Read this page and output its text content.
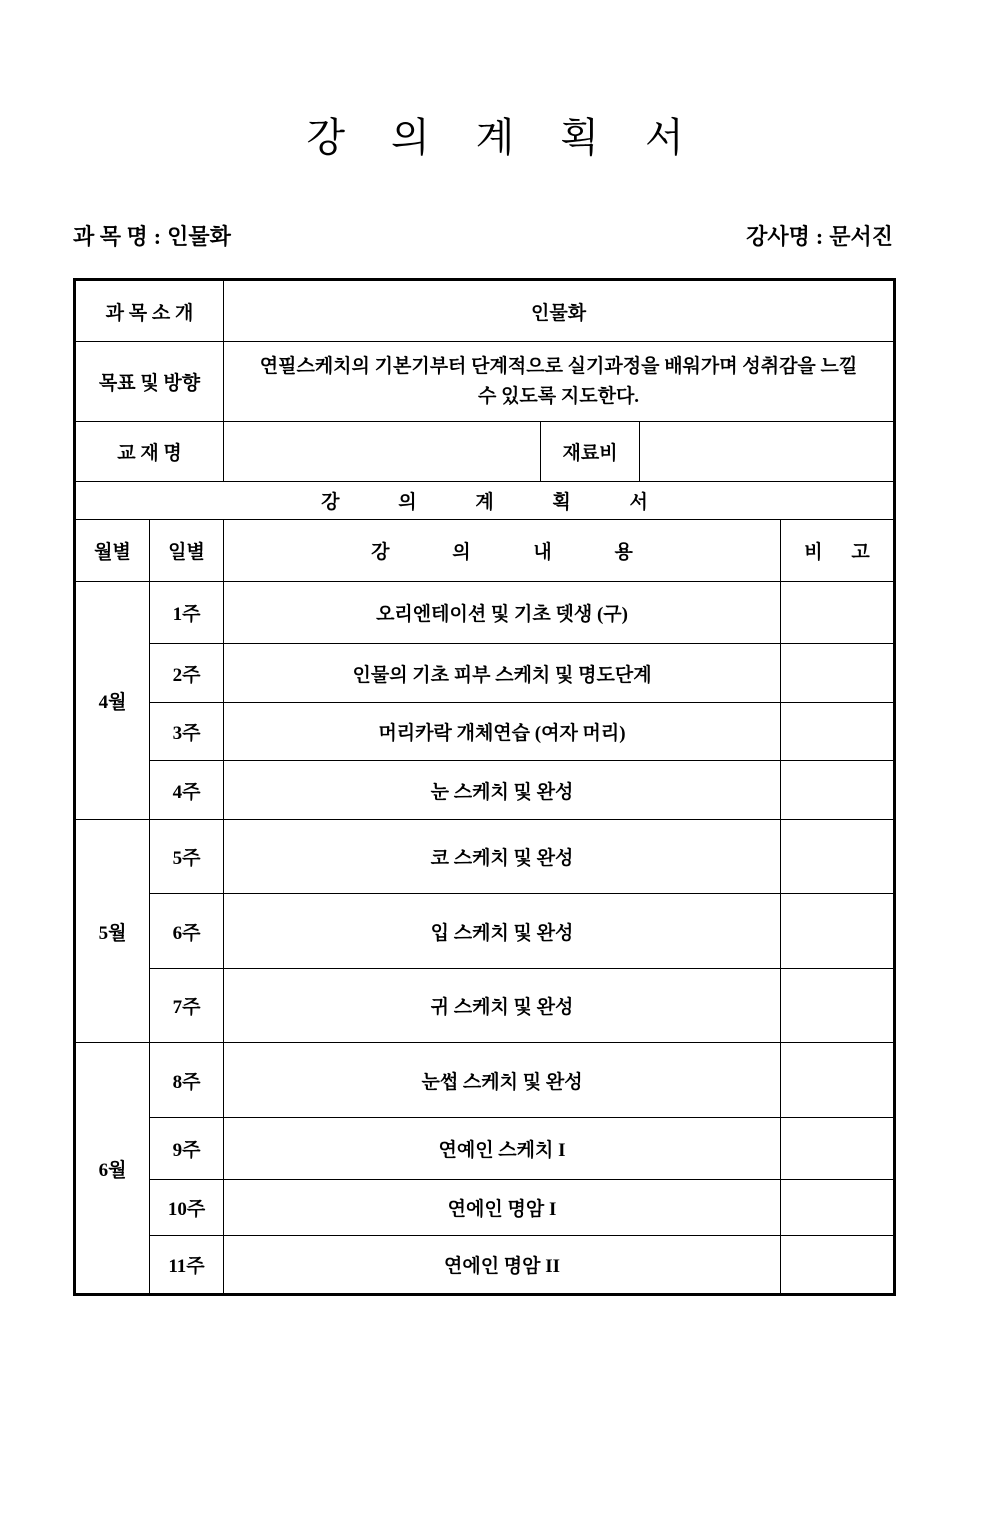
강 의 계 획 서
과 목 명 : 인물화	강사명 : 문서진
과 목 소 개		인물화			
목표 및 방향		연필스케치의 기본기부터 단계적으로 실기과정을 배워가며 성취감을 느낄
수 있도록 지도한다.			

교 재 명			재료비		
강 의 계 획 서					
월별	일별	강 의 내 용			비 고
4월	1주	오리엔테이션 및 기초 뎃생 (구)			
	2주	인물의 기초 피부 스케치 및 명도단계			
	3주	머리카락 개체연습 (여자 머리)			
	4주	눈 스케치 및 완성			
5월	5주	코 스케치 및 완성			
	6주	입 스케치 및 완성			
	7주	귀 스케치 및 완성			
6월	8주	눈썹 스케치 및 완성			
	9주	연예인 스케치 I			
	10주	연에인 명암 I			
	11주	연에인 명암 II			
